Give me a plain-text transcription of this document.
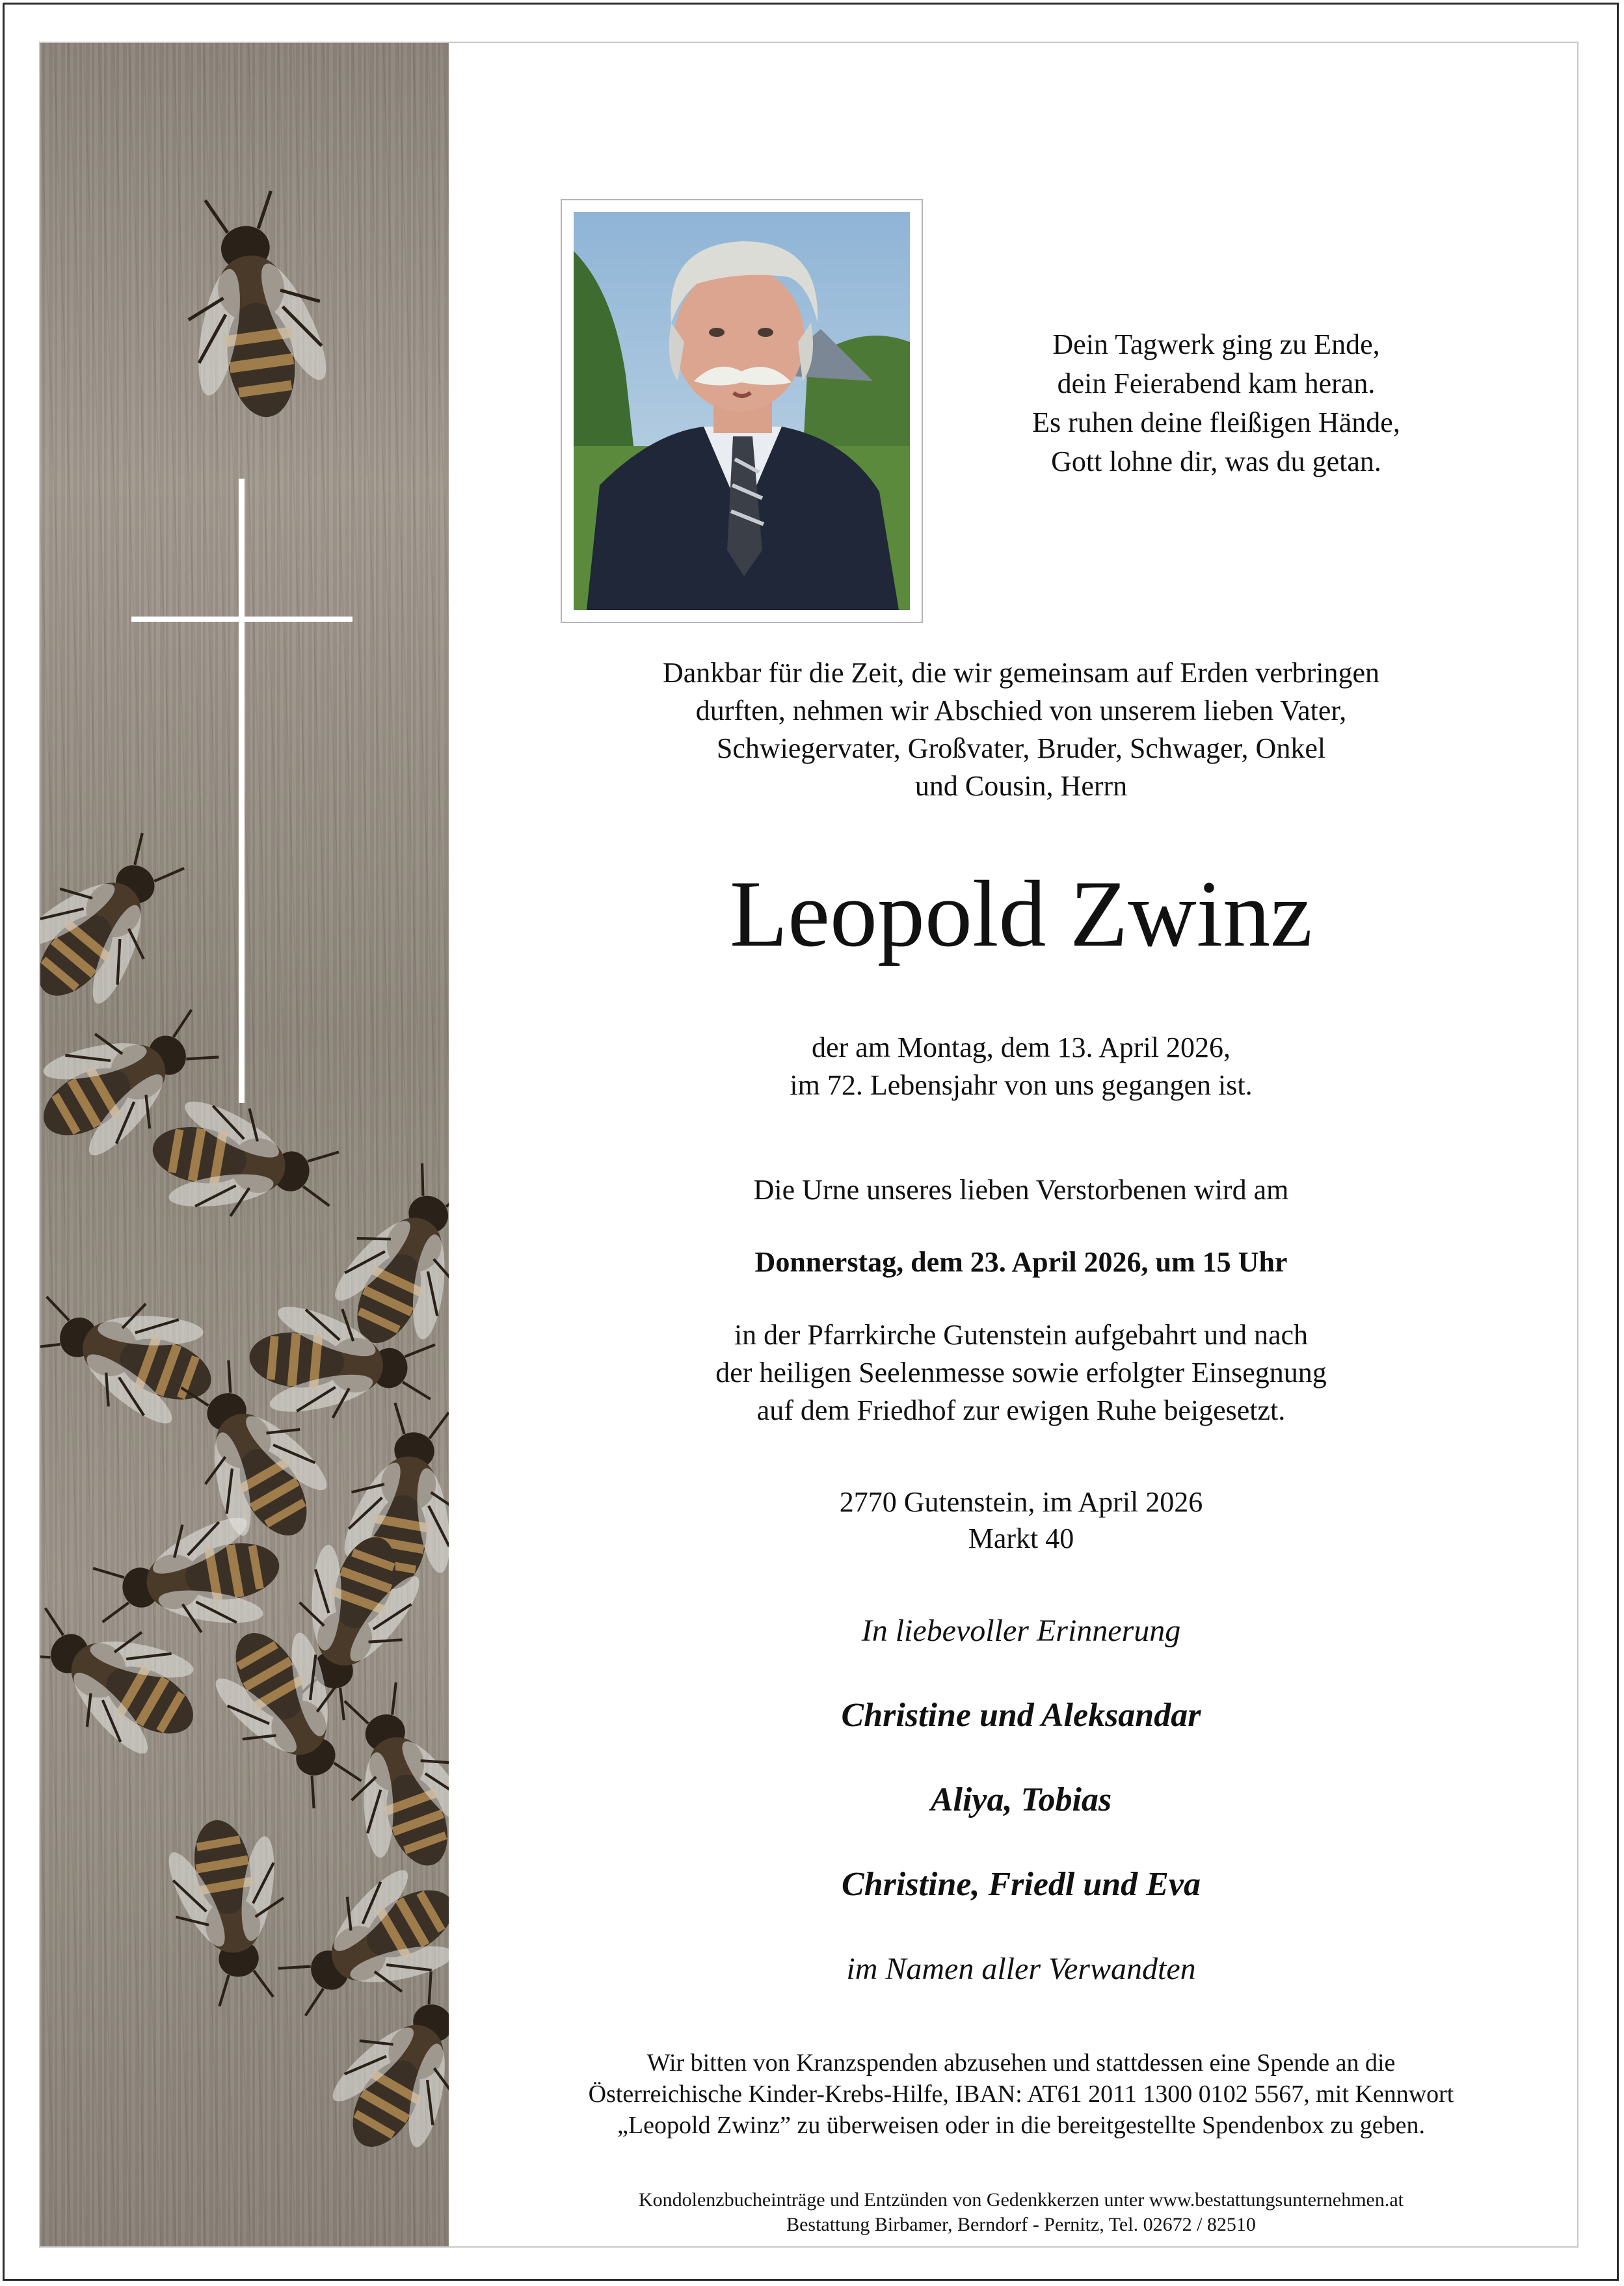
Dein Tagwerk ging zu Ende,
dein Feierabend kam heran.
Es ruhen deine fleißigen Hände,
Gott lohne dir, was du getan.

Dankbar für die Zeit, die wir gemeinsam auf Erden verbringen
durften, nehmen wir Abschied von unserem lieben Vater,
Schwiegervater, Großvater, Bruder, Schwager, Onkel
und Cousin, Herrn

Leopold Zwinz

der am Montag, dem 13. April 2026,
im 72. Lebensjahr von uns gegangen ist.

Die Urne unseres lieben Verstorbenen wird am

Donnerstag, dem 23. April 2026, um 15 Uhr

in der Pfarrkirche Gutenstein aufgebahrt und nach
der heiligen Seelenmesse sowie erfolgter Einsegnung
auf dem Friedhof zur ewigen Ruhe beigesetzt.

2770 Gutenstein, im April 2026
Markt 40

In liebevoller Erinnerung

Christine und Aleksandar

Aliya, Tobias

Christine, Friedl und Eva

im Namen aller Verwandten

Wir bitten von Kranzspenden abzusehen und stattdessen eine Spende an die
Österreichische Kinder-Krebs-Hilfe, IBAN: AT61 2011 1300 0102 5567, mit Kennwort
„Leopold Zwinz” zu überweisen oder in die bereitgestellte Spendenbox zu geben.

Kondolenzbucheinträge und Entzünden von Gedenkkerzen unter www.bestattungsunternehmen.at
Bestattung Birbamer, Berndorf - Pernitz, Tel. 02672 / 82510
